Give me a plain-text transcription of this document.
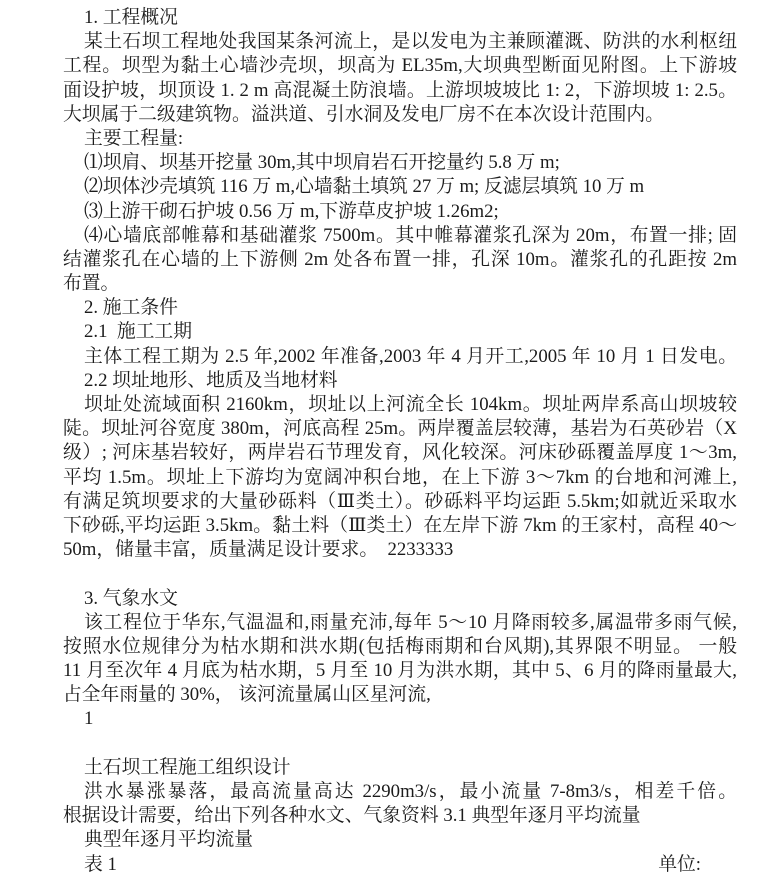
1. 工程概况
某土石坝工程地处我国某条河流上，是以发电为主兼顾灌溉、防洪的水利枢纽
工程。坝型为黏土心墙沙壳坝，坝高为 EL35m,大坝典型断面见附图。上下游坡
面设护坡，坝顶设 1. 2 m 高混凝土防浪墙。上游坝坡坡比 1: 2，下游坝坡 1: 2.5。
大坝属于二级建筑物。溢洪道、引水洞及发电厂房不在本次设计范围内。
主要工程量:
⑴坝肩、坝基开挖量 30m,其中坝肩岩石开挖量约 5.8 万 m;
⑵坝体沙壳填筑 116 万 m,心墙黏土填筑 27 万 m; 反滤层填筑 10 万 m
⑶上游干砌石护坡 0.56 万 m,下游草皮护坡 1.26m2;
⑷心墙底部帷幕和基础灌浆 7500m。其中帷幕灌浆孔深为 20m，布置一排; 固
结灌浆孔在心墙的上下游侧 2m 处各布置一排，孔深 10m。灌浆孔的孔距按 2m
布置。
2. 施工条件
2.1  施工工期
主体工程工期为 2.5 年,2002 年准备,2003 年 4 月开工,2005 年 10 月 1 日发电。
2.2 坝址地形、地质及当地材料
坝址处流域面积 2160km，坝址以上河流全长 104km。坝址两岸系高山坝坡较
陡。坝址河谷宽度 380m，河底高程 25m。两岸覆盖层较薄，基岩为石英砂岩（X
级）; 河床基岩较好，两岸岩石节理发育，风化较深。河床砂砾覆盖厚度 1～3m,
平均 1.5m。坝址上下游均为宽阔冲积台地，在上下游 3～7km 的台地和河滩上,
有满足筑坝要求的大量砂砾料（Ⅲ类土）。砂砾料平均运距 5.5km;如就近采取水
下砂砾,平均运距 3.5km。黏土料（Ⅲ类土）在左岸下游 7km 的王家村，高程 40～
50m，储量丰富，质量满足设计要求。  2233333
3. 气象水文
该工程位于华东,气温温和,雨量充沛,每年 5～10 月降雨较多,属温带多雨气候,
按照水位规律分为枯水期和洪水期(包括梅雨期和台风期),其界限不明显。 一般
11 月至次年 4 月底为枯水期，5 月至 10 月为洪水期，其中 5、6 月的降雨量最大,
占全年雨量的 30%， 该河流量属山区星河流,
1
土石坝工程施工组织设计
洪水暴涨暴落，最高流量高达 2290m3/s，最小流量 7-8m3/s，相差千倍。
根据设计需要，给出下列各种水文、气象资料 3.1 典型年逐月平均流量
典型年逐月平均流量
表 1	单位:
